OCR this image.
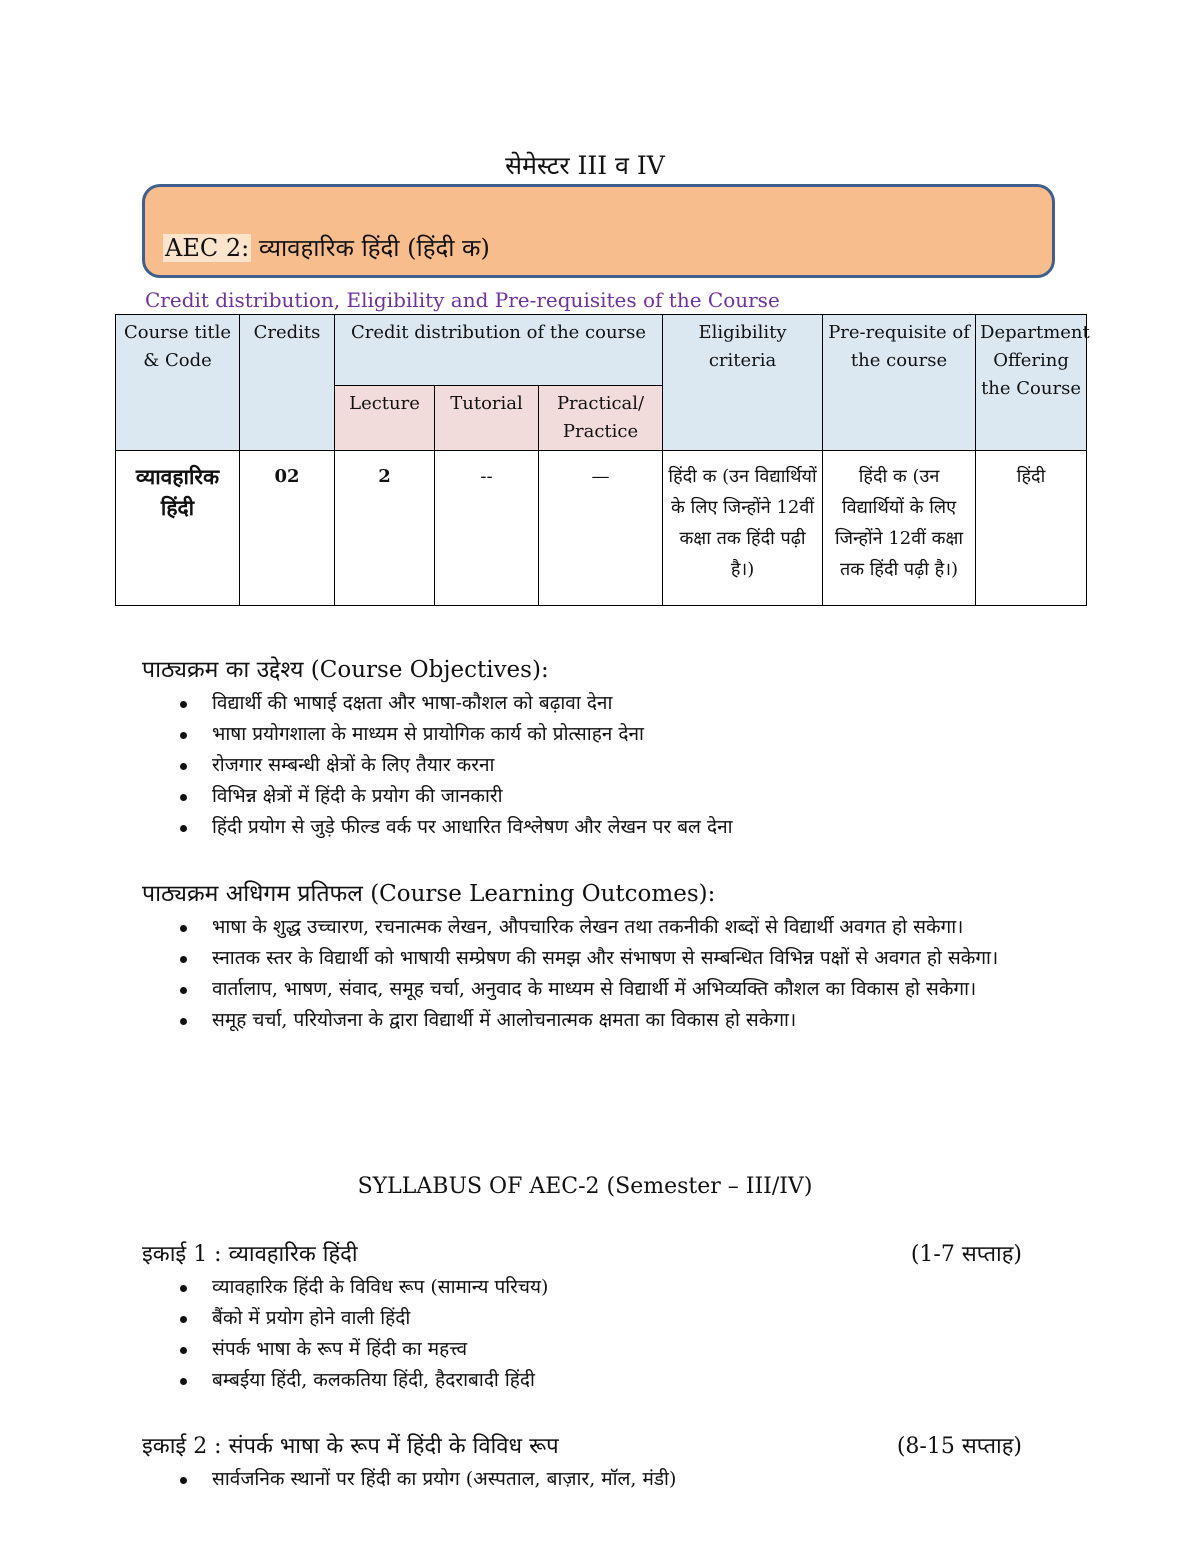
सेमेस्टर III व IV
AEC 2: व्यावहारिक हिंदी (हिंदी क)
Credit distribution, Eligibility and Pre-requisites of the Course
Course title & Code	Credits	Credit distribution of the course			Eligibility criteria	Pre-requisite of the course	Department Offering the Course
		Lecture	Tutorial	Practical/ Practice			
व्यावहारिक हिंदी	02	2	--	—	हिंदी क (उन विद्यार्थियों के लिए जिन्होंने 12वीं कक्षा तक हिंदी पढ़ी है।)	हिंदी क (उन विद्यार्थियों के लिए जिन्होंने 12वीं कक्षा तक हिंदी पढ़ी है।)	हिंदी
पाठ्यक्रम का उद्देश्य (Course Objectives):
विद्यार्थी की भाषाई दक्षता और भाषा-कौशल को बढ़ावा देना
भाषा प्रयोगशाला के माध्यम से प्रायोगिक कार्य को प्रोत्साहन देना
रोजगार सम्बन्धी क्षेत्रों के लिए तैयार करना
विभिन्न क्षेत्रों में हिंदी के प्रयोग की जानकारी
हिंदी प्रयोग से जुड़े फील्ड वर्क पर आधारित विश्लेषण और लेखन पर बल देना
पाठ्यक्रम अधिगम प्रतिफल (Course Learning Outcomes):
भाषा के शुद्ध उच्चारण, रचनात्मक लेखन, औपचारिक लेखन तथा तकनीकी शब्दों से विद्यार्थी अवगत हो सकेगा।
स्नातक स्तर के विद्यार्थी को भाषायी सम्प्रेषण की समझ और संभाषण से सम्बन्धित विभिन्न पक्षों से अवगत हो सकेगा।
वार्तालाप, भाषण, संवाद, समूह चर्चा, अनुवाद के माध्यम से विद्यार्थी में अभिव्यक्ति कौशल का विकास हो सकेगा।
समूह चर्चा, परियोजना के द्वारा विद्यार्थी में आलोचनात्मक क्षमता का विकास हो सकेगा।
SYLLABUS OF AEC-2 (Semester – III/IV)
इकाई 1 : व्यावहारिक हिंदी	(1-7 सप्ताह)
व्यावहारिक हिंदी के विविध रूप (सामान्य परिचय)
बैंको में प्रयोग होने वाली हिंदी
संपर्क भाषा के रूप में हिंदी का महत्त्व
बम्बईया हिंदी, कलकतिया हिंदी, हैदराबादी हिंदी
इकाई 2 : संपर्क भाषा के रूप में हिंदी के विविध रूप	(8-15 सप्ताह)
सार्वजनिक स्थानों पर हिंदी का प्रयोग (अस्पताल, बाज़ार, मॉल, मंडी)
